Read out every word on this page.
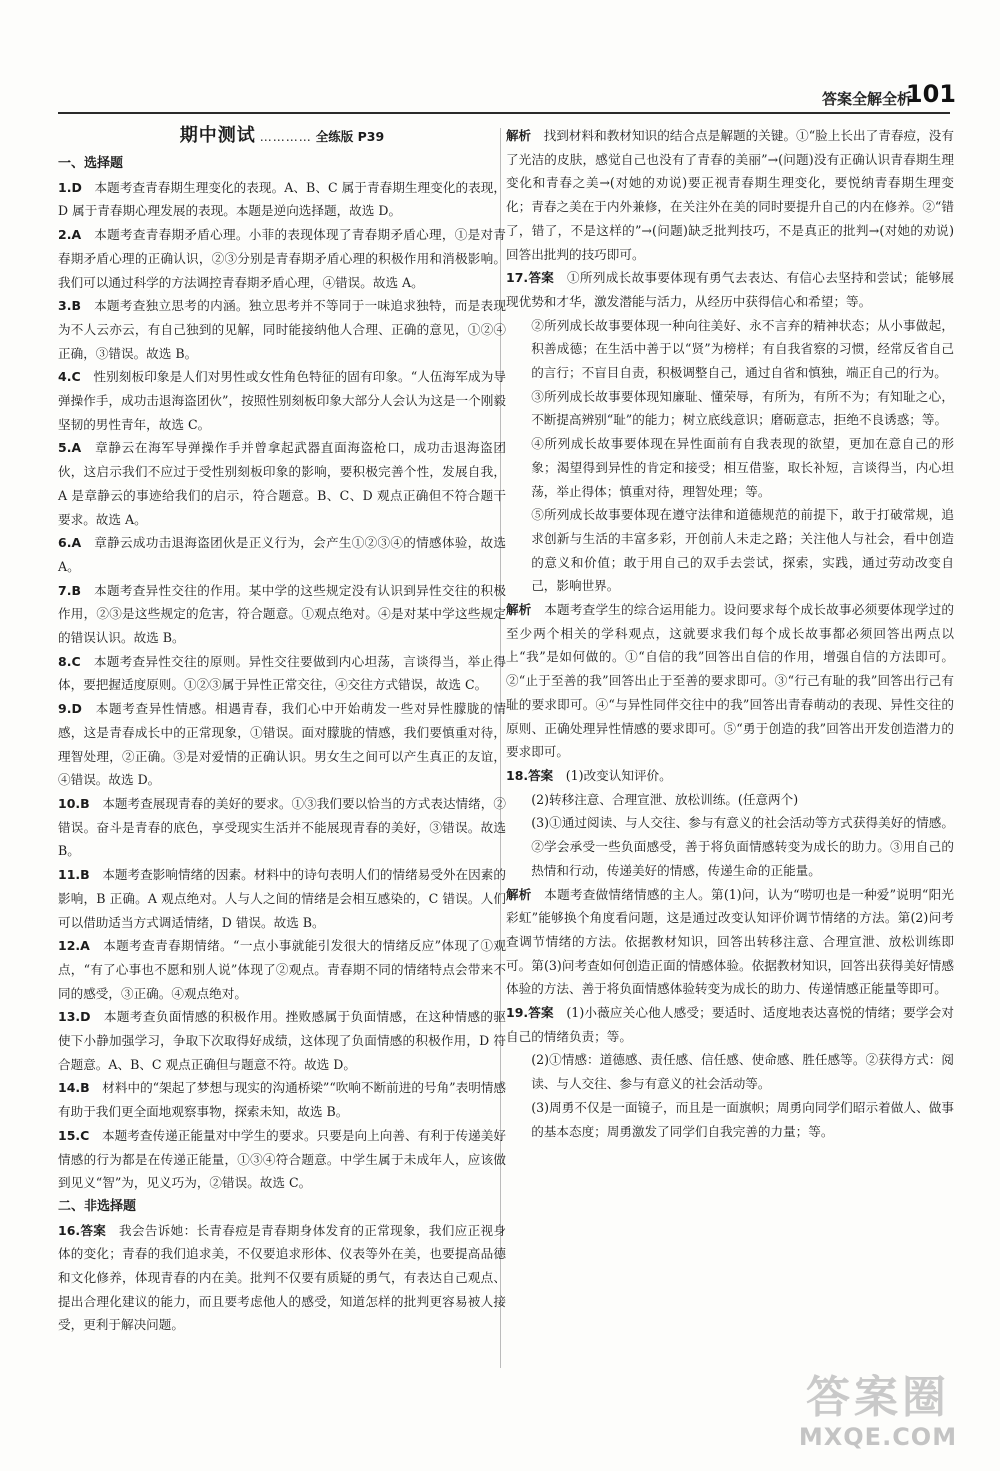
答案全解全析
101
期中测试 ………… 全练版 P39
一、选择题

1.D　 本题考查青春期生理变化的表现。A、B、C 属于青春期生理变化的表现，D 属于青春期心理发展的表现。本题是逆向选择题，故选 D。

2.A　 本题考查青春期矛盾心理。小菲的表现体现了青春期矛盾心理，①是对青春期矛盾心理的正确认识，②③分别是青春期矛盾心理的积极作用和消极影响。我们可以通过科学的方法调控青春期矛盾心理，④错误。故选 A。

3.B　 本题考查独立思考的内涵。独立思考并不等同于一味追求独特，而是表现为不人云亦云，有自己独到的见解，同时能接纳他人合理、正确的意见，①②④正确，③错误。故选 B。

4.C　 性别刻板印象是人们对男性或女性角色特征的固有印象。“人伍海军成为导弹操作手，成功击退海盗团伙”，按照性别刻板印象大部分人会认为这是一个刚毅坚韧的男性青年，故选 C。

5.A　 章静云在海军导弹操作手并曾拿起武器直面海盗枪口，成功击退海盗团伙，这启示我们不应过于受性别刻板印象的影响，要积极完善个性，发展自我，A 是章静云的事迹给我们的启示，符合题意。B、C、D 观点正确但不符合题干要求。故选 A。

6.A　 章静云成功击退海盗团伙是正义行为，会产生①②③④的情感体验，故选 A。

7.B　 本题考查异性交往的作用。某中学的这些规定没有认识到异性交往的积极作用，②③是这些规定的危害，符合题意。①观点绝对。④是对某中学这些规定的错误认识。故选 B。

8.C　 本题考查异性交往的原则。异性交往要做到内心坦荡，言谈得当，举止得体，要把握适度原则。①②③属于异性正常交往，④交往方式错误，故选 C。

9.D　 本题考查异性情感。相遇青春，我们心中开始萌发一些对异性朦胧的情感，这是青春成长中的正常现象，①错误。面对朦胧的情感，我们要慎重对待，理智处理，②正确。③是对爱情的正确认识。男女生之间可以产生真正的友谊，④错误。故选 D。

10.B　 本题考查展现青春的美好的要求。①③我们要以恰当的方式表达情绪，②错误。奋斗是青春的底色，享受现实生活并不能展现青春的美好，③错误。故选 B。

11.B　 本题考查影响情绪的因素。材料中的诗句表明人们的情绪易受外在因素的影响，B 正确。A 观点绝对。人与人之间的情绪是会相互感染的，C 错误。人们可以借助适当方式调适情绪，D 错误。故选 B。

12.A　 本题考查青春期情绪。“一点小事就能引发很大的情绪反应”体现了①观点，“有了心事也不愿和别人说”体现了②观点。青春期不同的情绪特点会带来不同的感受，③正确。④观点绝对。

13.D　 本题考查负面情感的积极作用。挫败感属于负面情感，在这种情感的驱使下小静加强学习，争取下次取得好成绩，这体现了负面情感的积极作用，D 符合题意。A、B、C 观点正确但与题意不符。故选 D。

14.B　 材料中的“架起了梦想与现实的沟通桥梁”“吹响不断前进的号角”表明情感有助于我们更全面地观察事物，探索未知，故选 B。

15.C　 本题考查传递正能量对中学生的要求。只要是向上向善、有利于传递美好情感的行为都是在传递正能量，①③④符合题意。中学生属于未成年人，应该做到见义“智”为，见义巧为，②错误。故选 C。

二、非选择题

16.答案　 我会告诉她：长青春痘是青春期身体发育的正常现象，我们应正视身体的变化；青春的我们追求美，不仅要追求形体、仪表等外在美，也要提高品德和文化修养，体现青春的内在美。批判不仅要有质疑的勇气，有表达自己观点、提出合理化建议的能力，而且要考虑他人的感受，知道怎样的批判更容易被人接受，更利于解决问题。

解析　 找到材料和教材知识的结合点是解题的关键。①“脸上长出了青春痘，没有了光洁的皮肤，感觉自己也没有了青春的美丽”→(问题)没有正确认识青春期生理变化和青春之美→(对她的劝说)要正视青春期生理变化，要悦纳青春期生理变化；青春之美在于内外兼修，在关注外在美的同时要提升自己的内在修养。②“错了，错了，不是这样的”→(问题)缺乏批判技巧，不是真正的批判→(对她的劝说)回答出批判的技巧即可。

17.答案　 ①所列成长故事要体现有勇气去表达、有信心去坚持和尝试；能够展现优势和才华，激发潜能与活力，从经历中获得信心和希望；等。

②所列成长故事要体现一种向往美好、永不言弃的精神状态；从小事做起，积善成德；在生活中善于以“贤”为榜样；有自我省察的习惯，经常反省自己的言行；不盲目自责，积极调整自己，通过自省和慎独，端正自己的行为。

③所列成长故事要体现知廉耻、懂荣辱，有所为，有所不为；有知耻之心，不断提高辨别“耻”的能力；树立底线意识；磨砺意志，拒绝不良诱惑；等。

④所列成长故事要体现在异性面前有自我表现的欲望，更加在意自己的形象；渴望得到异性的肯定和接受；相互借鉴，取长补短，言谈得当，内心坦荡，举止得体；慎重对待，理智处理；等。

⑤所列成长故事要体现在遵守法律和道德规范的前提下，敢于打破常规，追求创新与生活的丰富多彩，开创前人未走之路；关注他人与社会，看中创造的意义和价值；敢于用自己的双手去尝试，探索，实践，通过劳动改变自己，影响世界。

解析　 本题考查学生的综合运用能力。设问要求每个成长故事必须要体现学过的至少两个相关的学科观点，这就要求我们每个成长故事都必须回答出两点以上“我”是如何做的。①“自信的我”回答出自信的作用，增强自信的方法即可。②“止于至善的我”回答出止于至善的要求即可。③“行己有耻的我”回答出行己有耻的要求即可。④“与异性同伴交往中的我”回答出青春萌动的表现、异性交往的原则、正确处理异性情感的要求即可。⑤“勇于创造的我”回答出开发创造潜力的要求即可。

18.答案　 (1)改变认知评价。

(2)转移注意、合理宣泄、放松训练。(任意两个)

(3)①通过阅读、与人交往、参与有意义的社会活动等方式获得美好的情感。②学会承受一些负面感受，善于将负面情感转变为成长的助力。③用自己的热情和行动，传递美好的情感，传递生命的正能量。

解析　 本题考查做情绪情感的主人。第(1)问，认为“唠叨也是一种爱”说明“阳光彩虹”能够换个角度看问题，这是通过改变认知评价调节情绪的方法。第(2)问考查调节情绪的方法。依据教材知识，回答出转移注意、合理宣泄、放松训练即可。第(3)问考查如何创造正面的情感体验。依据教材知识，回答出获得美好情感体验的方法、善于将负面情感体验转变为成长的助力、传递情感正能量等即可。

19.答案　 (1)小薇应关心他人感受；要适时、适度地表达喜悦的情绪；要学会对自己的情绪负责；等。

(2)①情感：道德感、责任感、信任感、使命感、胜任感等。②获得方式：阅读、与人交往、参与有意义的社会活动等。

(3)周勇不仅是一面镜子，而且是一面旗帜；周勇向同学们昭示着做人、做事的基本态度；周勇激发了同学们自我完善的力量；等。

答案圈
MXQE.COM
